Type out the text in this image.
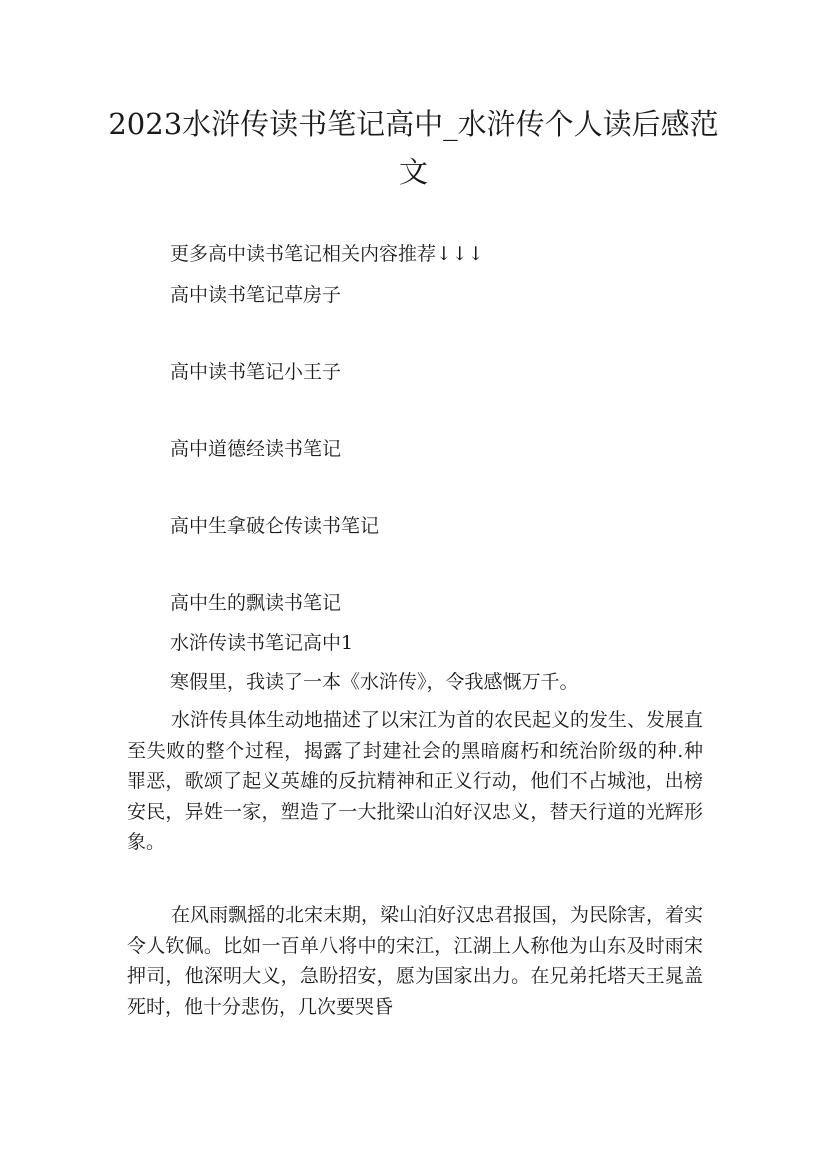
2023水浒传读书笔记高中_水浒传个人读后感范文

更多高中读书笔记相关内容推荐↓↓↓

高中读书笔记草房子

高中读书笔记小王子

高中道德经读书笔记

高中生拿破仑传读书笔记

高中生的飘读书笔记

水浒传读书笔记高中1

寒假里，我读了一本《水浒传》，令我感慨万千。

水浒传具体生动地描述了以宋江为首的农民起义的发生、发展直至失败的整个过程，揭露了封建社会的黑暗腐朽和统治阶级的种.种罪恶，歌颂了起义英雄的反抗精神和正义行动，他们不占城池，出榜安民，异姓一家，塑造了一大批梁山泊好汉忠义，替天行道的光辉形象。

在风雨飘摇的北宋末期，梁山泊好汉忠君报国，为民除害，着实令人钦佩。比如一百单八将中的宋江，江湖上人称他为山东及时雨宋押司，他深明大义，急盼招安，愿为国家出力。在兄弟托塔天王晁盖死时，他十分悲伤，几次要哭昏
